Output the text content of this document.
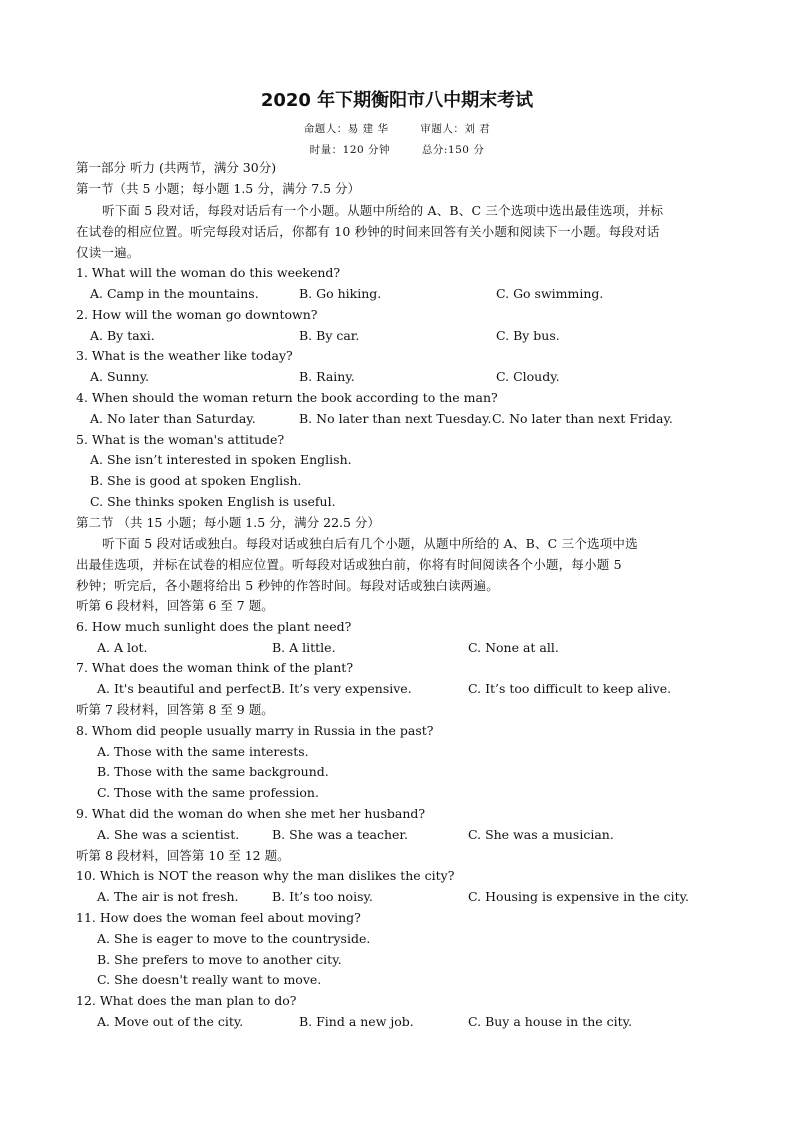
2020 年下期衡阳市八中期末考试
命题人：易 建 华	审题人：刘 君
时量：120 分钟	总分:150 分
第一部分 听力 (共两节，满分 30分)
第一节（共 5 小题；每小题 1.5 分，满分 7.5 分）
听下面 5 段对话，每段对话后有一个小题。从题中所给的 A、B、C 三个选项中选出最佳选项，并标
在试卷的相应位置。听完每段对话后，你都有 10 秒钟的时间来回答有关小题和阅读下一小题。每段对话
仅读一遍。
1. What will the woman do this weekend?
A. Camp in the mountains.	B. Go hiking.	C. Go swimming.
2. How will the woman go downtown?
A. By taxi.	B. By car.	C. By bus.
3. What is the weather like today?
A. Sunny.	B. Rainy.	C. Cloudy.
4. When should the woman return the book according to the man?
A. No later than Saturday.	B. No later than next Tuesday. C. No later than next Friday.
5. What is the woman's attitude?
A. She isn’t interested in spoken English.
B. She is good at spoken English.
C. She thinks spoken English is useful.
第二节 （共 15 小题；每小题 1.5 分，满分 22.5 分）
听下面 5 段对话或独白。每段对话或独白后有几个小题，从题中所给的 A、B、C 三个选项中选
出最佳选项，并标在试卷的相应位置。听每段对话或独白前，你将有时间阅读各个小题，每小题 5
秒钟；听完后，各小题将给出 5 秒钟的作答时间。每段对话或独白读两遍。
听第 6 段材料，回答第 6 至 7 题。
6. How much sunlight does the plant need?
A. A lot.	B. A little.	C. None at all.
7. What does the woman think of the plant?
A. It's beautiful and perfect.
B. It’s very expensive.	C. It’s too difficult to keep alive.
听第 7 段材料，回答第 8 至 9 题。
8. Whom did people usually marry in Russia in the past?
A. Those with the same interests.
B. Those with the same background.
C. Those with the same profession.
9. What did the woman do when she met her husband?
A. She was a scientist.	B. She was a teacher.	C. She was a musician.
听第 8 段材料，回答第 10 至 12 题。
10. Which is NOT the reason why the man dislikes the city?
A. The air is not fresh.	B. It’s too noisy.	C. Housing is expensive in the city.
11. How does the woman feel about moving?
A. She is eager to move to the countryside.
B. She prefers to move to another city.
C. She doesn't really want to move.
12. What does the man plan to do?
A. Move out of the city.	B. Find a new job.	C. Buy a house in the city.
